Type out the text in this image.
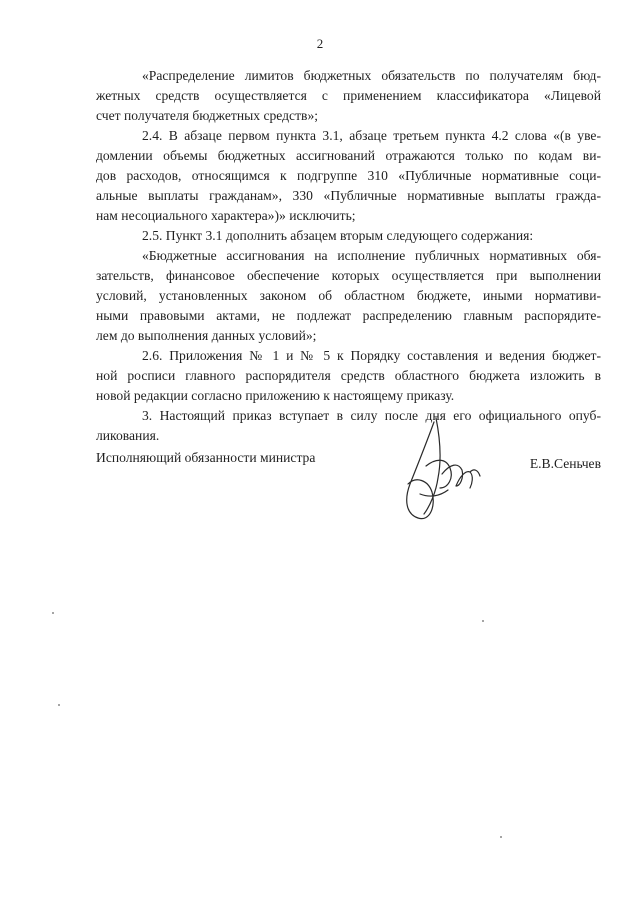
2

«Распределение лимитов бюджетных обязательств по получателям бюд-
жетных средств осуществляется с применением классификатора «Лицевой
счет получателя бюджетных средств»;

2.4. В абзаце первом пункта 3.1, абзаце третьем пункта 4.2 слова «(в уве-
домлении объемы бюджетных ассигнований отражаются только по кодам ви-
дов расходов, относящимся к подгруппе 310 «Публичные нормативные соци-
альные выплаты гражданам», 330 «Публичные нормативные выплаты гражда-
нам несоциального характера»)» исключить;

2.5. Пункт 3.1 дополнить абзацем вторым следующего содержания:

«Бюджетные ассигнования на исполнение публичных нормативных обя-
зательств, финансовое обеспечение которых осуществляется при выполнении
условий, установленных законом об областном бюджете, иными нормативи-
ными правовыми актами, не подлежат распределению главным распорядите-
лем до выполнения данных условий»;

2.6. Приложения № 1 и № 5 к Порядку составления и ведения бюджет-
ной росписи главного распорядителя средств областного бюджета изложить в
новой редакции согласно приложению к настоящему приказу.

3. Настоящий приказ вступает в силу после дня его официального опуб-
ликования.

Исполняющий обязанности министра	Е.В.Сеньчев
